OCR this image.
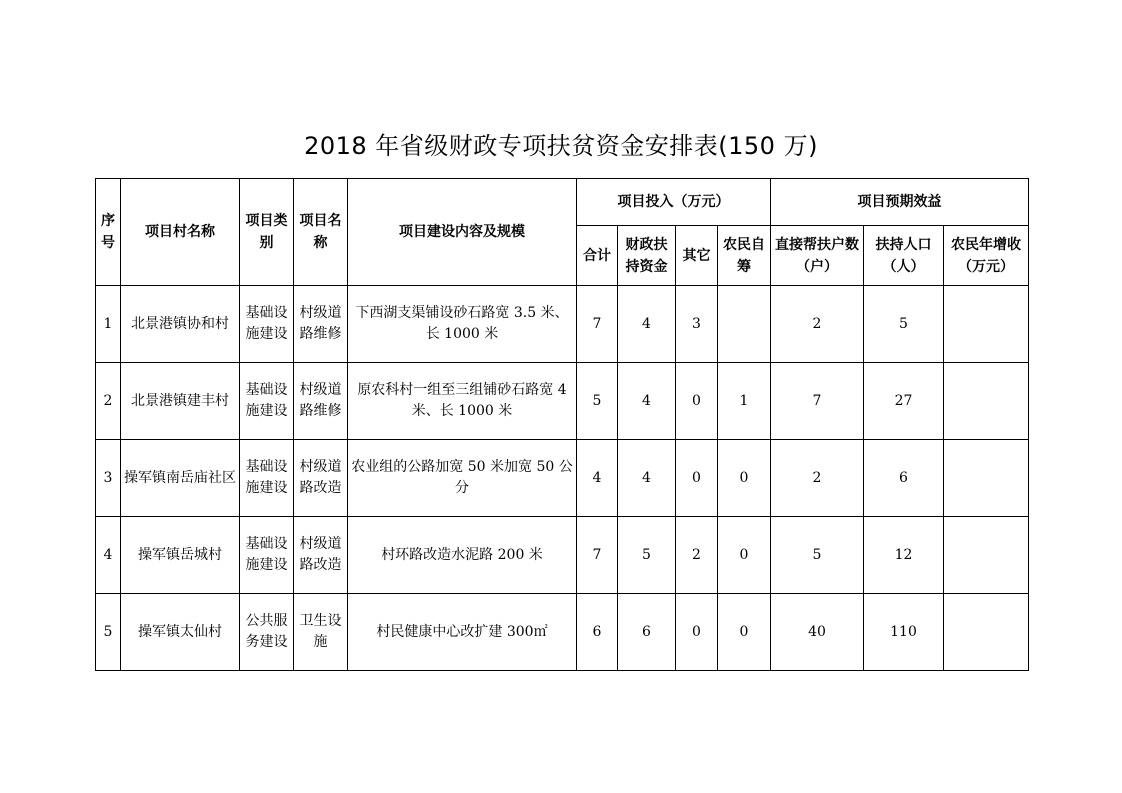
2018 年省级财政专项扶贫资金安排表(150 万)
序号	项目村名称	项目类别	项目名称	项目建设内容及规模	项目投入（万元）				项目预期效益		
					合计	财政扶持资金	其它	农民自筹	直接帮扶户数（户）	扶持人口（人）	农民年增收（万元）
1	北景港镇协和村	基础设施建设	村级道路维修	下西湖支渠铺设砂石路宽 3.5 米、长 1000 米	7	4	3		2	5	
2	北景港镇建丰村	基础设施建设	村级道路维修	原农科村一组至三组铺砂石路宽 4 米、长 1000 米	5	4	0	1	7	27	
3	操军镇南岳庙社区	基础设施建设	村级道路改造	农业组的公路加宽 50 米加宽 50 公分	4	4	0	0	2	6	
4	操军镇岳城村	基础设施建设	村级道路改造	村环路改造水泥路 200 米	7	5	2	0	5	12	
5	操军镇太仙村	公共服务建设	卫生设施	村民健康中心改扩建 300㎡	6	6	0	0	40	110	
